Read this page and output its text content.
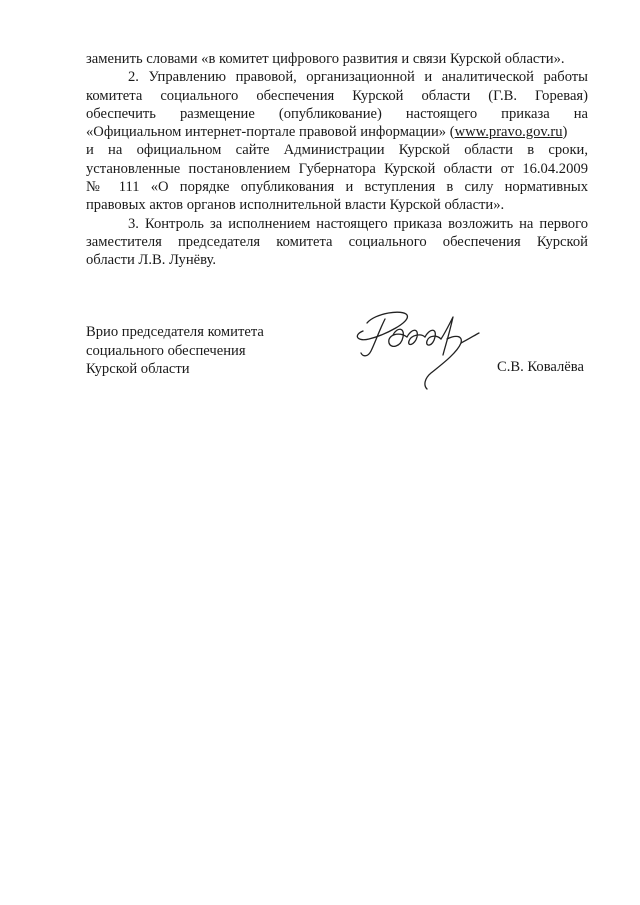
заменить словами «в комитет цифрового развития и связи Курской области».
2. Управлению правовой, организационной и аналитической работы
комитета социального обеспечения Курской области (Г.В. Горевая)
обеспечить размещение (опубликование) настоящего приказа на
«Официальном интернет-портале правовой информации» (www.pravo.gov.ru)
и на официальном сайте Администрации Курской области в сроки,
установленные постановлением Губернатора Курской области от 16.04.2009
№ 111 «О порядке опубликования и вступления в силу нормативных
правовых актов органов исполнительной власти Курской области».
3. Контроль за исполнением настоящего приказа возложить на первого
заместителя председателя комитета социального обеспечения Курской
области Л.В. Лунёву.
Врио председателя комитета
социального обеспечения
Курской области	С.В. Ковалёва
